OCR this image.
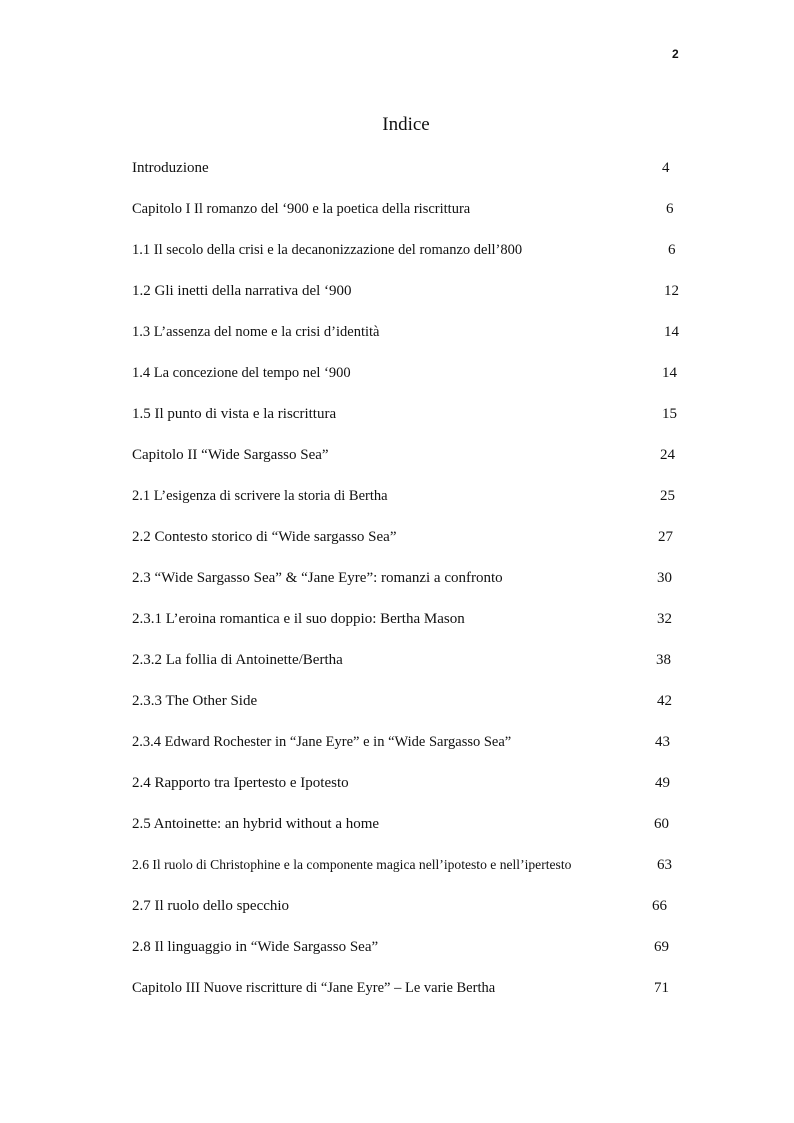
2
Indice
Introduzione	4
Capitolo I Il romanzo del ‘900 e la poetica della riscrittura	6
1.1 Il secolo della crisi e la decanonizzazione del romanzo dell’800	6
1.2 Gli inetti della narrativa del ‘900	12
1.3 L’assenza del nome e la crisi d’identità	14
1.4 La concezione del tempo nel ‘900	14
1.5 Il punto di vista e la riscrittura	15
Capitolo II “Wide Sargasso Sea”	24
2.1 L’esigenza di scrivere la storia di Bertha	25
2.2 Contesto storico di “Wide sargasso Sea”	27
2.3 “Wide Sargasso Sea” & “Jane Eyre”: romanzi a confronto	30
2.3.1 L’eroina romantica e il suo doppio: Bertha Mason	32
2.3.2 La follia di Antoinette/Bertha	38
2.3.3 The Other Side	42
2.3.4 Edward Rochester in “Jane Eyre” e in “Wide Sargasso Sea”	43
2.4 Rapporto tra Ipertesto e Ipotesto	49
2.5 Antoinette: an hybrid without a home	60
2.6 Il ruolo di Christophine e la componente magica nell’ipotesto e nell’ipertesto	63
2.7 Il ruolo dello specchio	66
2.8 Il linguaggio in “Wide Sargasso Sea”	69
Capitolo III Nuove riscritture di “Jane Eyre” – Le varie Bertha	71
